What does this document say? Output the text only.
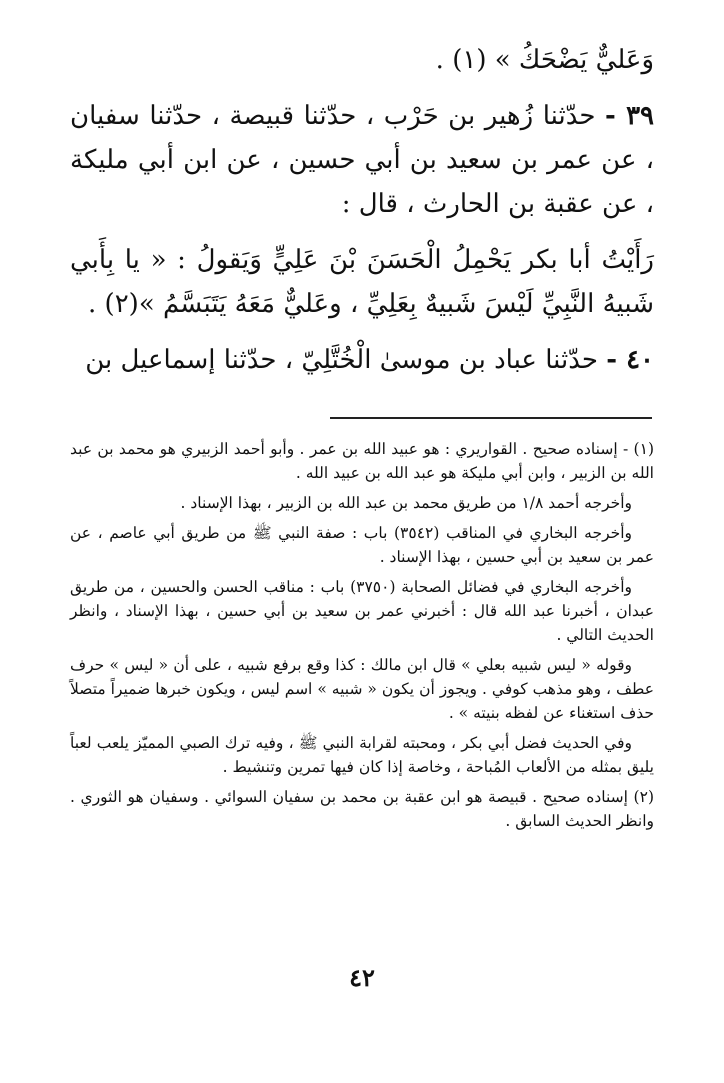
وَعَليٌّ يَضْحَكُ » (١) .

٣٩ - حدّثنا زُهير بن حَرْب ، حدّثنا قبيصة ، حدّثنا سفيان ، عن عمر بن سعيد بن أبي حسين ، عن ابن أبي مليكة ، عن عقبة بن الحارث ، قال :

رَأَيْتُ أبا بكر يَحْمِلُ الْحَسَنَ بْنَ عَلِيٍّ وَيَقولُ : « يا بِأَبي شَبيهُ النَّبِيِّ لَيْسَ شَبيهٌ بِعَلِيِّ ، وعَليٌّ مَعَهُ يَتَبَسَّمُ »(٢) .

٤٠ - حدّثنا عباد بن موسىٰ الْخُتَّلِيّ ، حدّثنا إسماعيل بن

(١) - إسناده صحيح . القواريري : هو عبيد الله بن عمر . وأبو أحمد الزبيري هو محمد بن عبد الله بن الزبير ، وابن أبي مليكة هو عبد الله بن عبيد الله .

وأخرجه أحمد ١/٨ من طريق محمد بن عبد الله بن الزبير ، بهذا الإسناد .

وأخرجه البخاري في المناقب (٣٥٤٢) باب : صفة النبي ﷺ من طريق أبي عاصم ، عن عمر بن سعيد بن أبي حسين ، بهذا الإسناد .

وأخرجه البخاري في فضائل الصحابة (٣٧٥٠) باب : مناقب الحسن والحسين ، من طريق عبدان ، أخبرنا عبد الله قال : أخبرني عمر بن سعيد بن أبي حسين ، بهذا الإسناد ، وانظر الحديث التالي .

وقوله « ليس شبيه بعلي » قال ابن مالك : كذا وقع برفع شبيه ، على أن « ليس » حرف عطف ، وهو مذهب كوفي . ويجوز أن يكون « شبيه » اسم ليس ، ويكون خبرها ضميراً متصلاً حذف استغناء عن لفظه بنيته » .

وفي الحديث فضل أبي بكر ، ومحبته لقرابة النبي ﷺ ، وفيه ترك الصبي المميّز يلعب لعباً يليق بمثله من الألعاب المُباحة ، وخاصة إذا كان فيها تمرين وتنشيط .

(٢) إسناده صحيح . قبيصة هو ابن عقبة بن محمد بن سفيان السوائي . وسفيان هو الثوري . وانظر الحديث السابق .

٤٢
